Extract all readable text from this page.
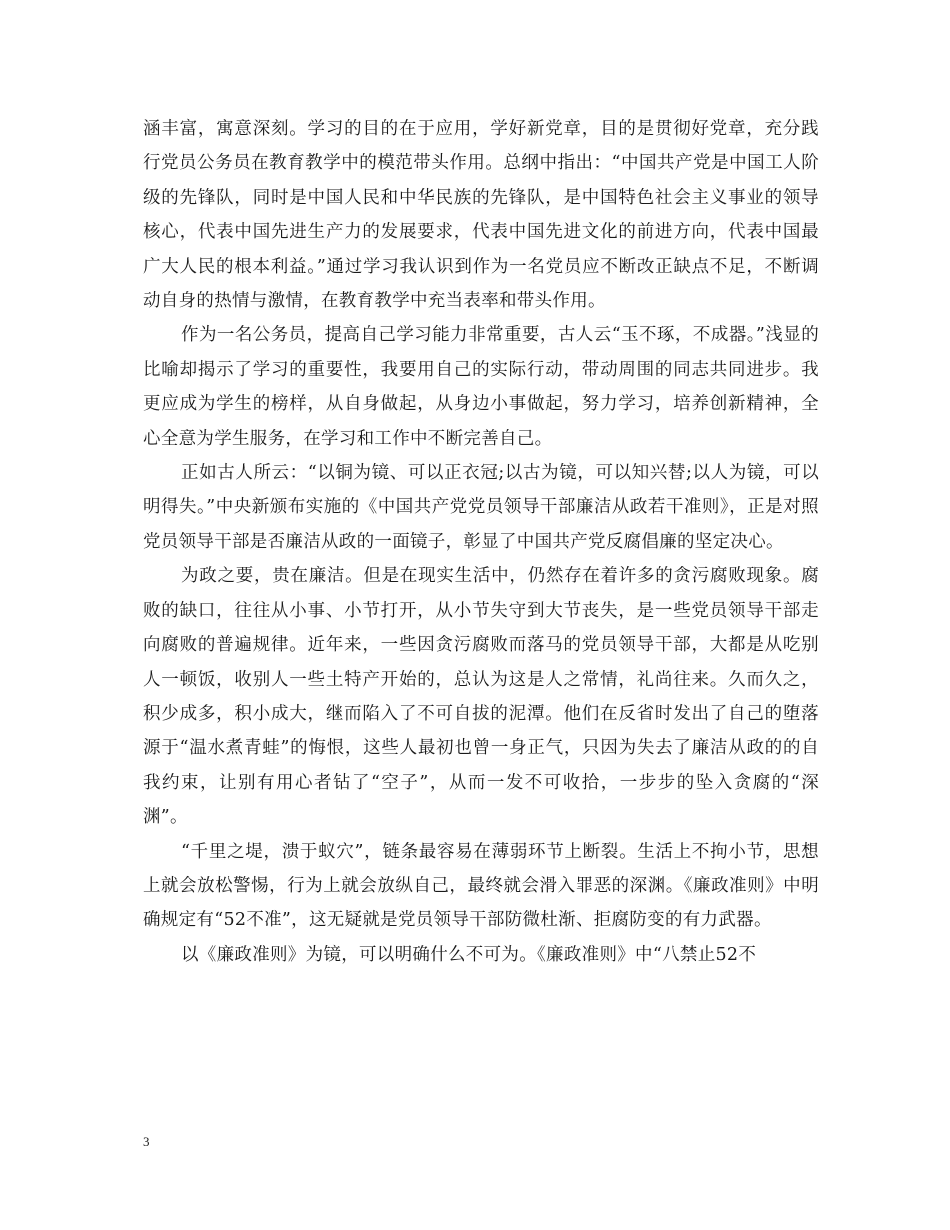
涵丰富，寓意深刻。学习的目的在于应用，学好新党章，目的是贯彻好党章，充分践行党员公务员在教育教学中的模范带头作用。总纲中指出：“中国共产党是中国工人阶级的先锋队，同时是中国人民和中华民族的先锋队，是中国特色社会主义事业的领导核心，代表中国先进生产力的发展要求，代表中国先进文化的前进方向，代表中国最广大人民的根本利益。”通过学习我认识到作为一名党员应不断改正缺点不足，不断调动自身的热情与激情，在教育教学中充当表率和带头作用。

作为一名公务员，提高自己学习能力非常重要，古人云“玉不琢，不成器。”浅显的比喻却揭示了学习的重要性，我要用自己的实际行动，带动周围的同志共同进步。我更应成为学生的榜样，从自身做起，从身边小事做起，努力学习，培养创新精神，全心全意为学生服务，在学习和工作中不断完善自己。

正如古人所云：“以铜为镜、可以正衣冠;以古为镜，可以知兴替;以人为镜，可以明得失。”中央新颁布实施的《中国共产党党员领导干部廉洁从政若干准则》，正是对照党员领导干部是否廉洁从政的一面镜子，彰显了中国共产党反腐倡廉的坚定决心。

为政之要，贵在廉洁。但是在现实生活中，仍然存在着许多的贪污腐败现象。腐败的缺口，往往从小事、小节打开，从小节失守到大节丧失，是一些党员领导干部走向腐败的普遍规律。近年来，一些因贪污腐败而落马的党员领导干部，大都是从吃别人一顿饭，收别人一些土特产开始的，总认为这是人之常情，礼尚往来。久而久之，积少成多，积小成大，继而陷入了不可自拔的泥潭。他们在反省时发出了自己的堕落源于“温水煮青蛙”的悔恨，这些人最初也曾一身正气，只因为失去了廉洁从政的的自我约束，让别有用心者钻了“空子”，从而一发不可收拾，一步步的坠入贪腐的“深渊”。

“千里之堤，溃于蚁穴”，链条最容易在薄弱环节上断裂。生活上不拘小节，思想上就会放松警惕，行为上就会放纵自己，最终就会滑入罪恶的深渊。《廉政准则》中明确规定有“52不准”，这无疑就是党员领导干部防微杜渐、拒腐防变的有力武器。

以《廉政准则》为镜，可以明确什么不可为。《廉政准则》中“八禁止52不

3
